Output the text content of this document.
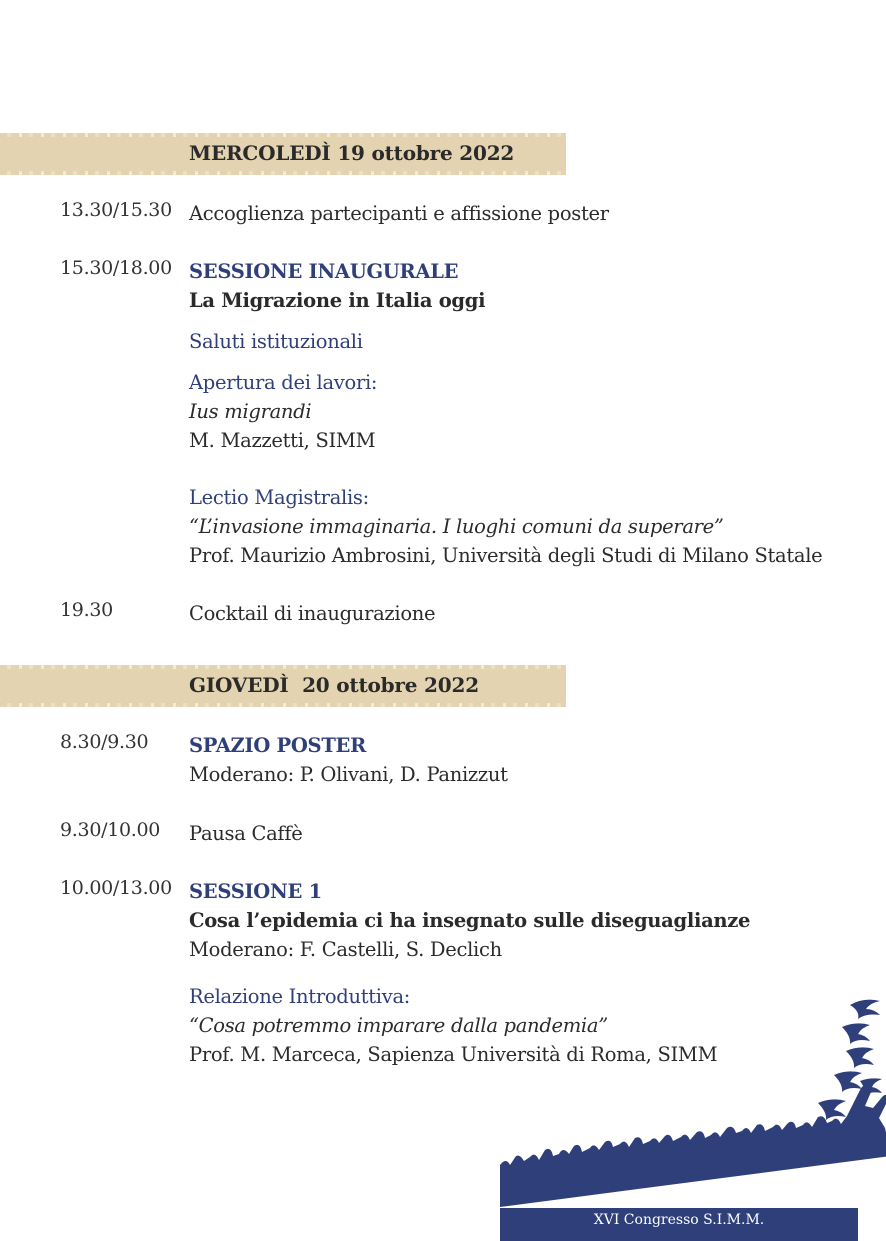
MERCOLEDÌ 19 ottobre 2022
13.30/15.30 Accoglienza partecipanti e affissione poster
15.30/18.00 SESSIONE INAUGURALE
La Migrazione in Italia oggi
Saluti istituzionali
Apertura dei lavori:
Ius migrandi
M. Mazzetti, SIMM
Lectio Magistralis:
“L’invasione immaginaria. I luoghi comuni da superare”
Prof. Maurizio Ambrosini, Università degli Studi di Milano Statale
19.30	Cocktail di inaugurazione
GIOVEDÌ  20 ottobre 2022
8.30/9.30 SPAZIO POSTER
Moderano: P. Olivani, D. Panizzut
9.30/10.00 Pausa Caffè
10.00/13.00 SESSIONE 1
Cosa l’epidemia ci ha insegnato sulle diseguaglianze
Moderano: F. Castelli, S. Declich
Relazione Introduttiva:
“Cosa potremmo imparare dalla pandemia”
Prof. M. Marceca, Sapienza Università di Roma, SIMM
XVI Congresso S.I.M.M.
